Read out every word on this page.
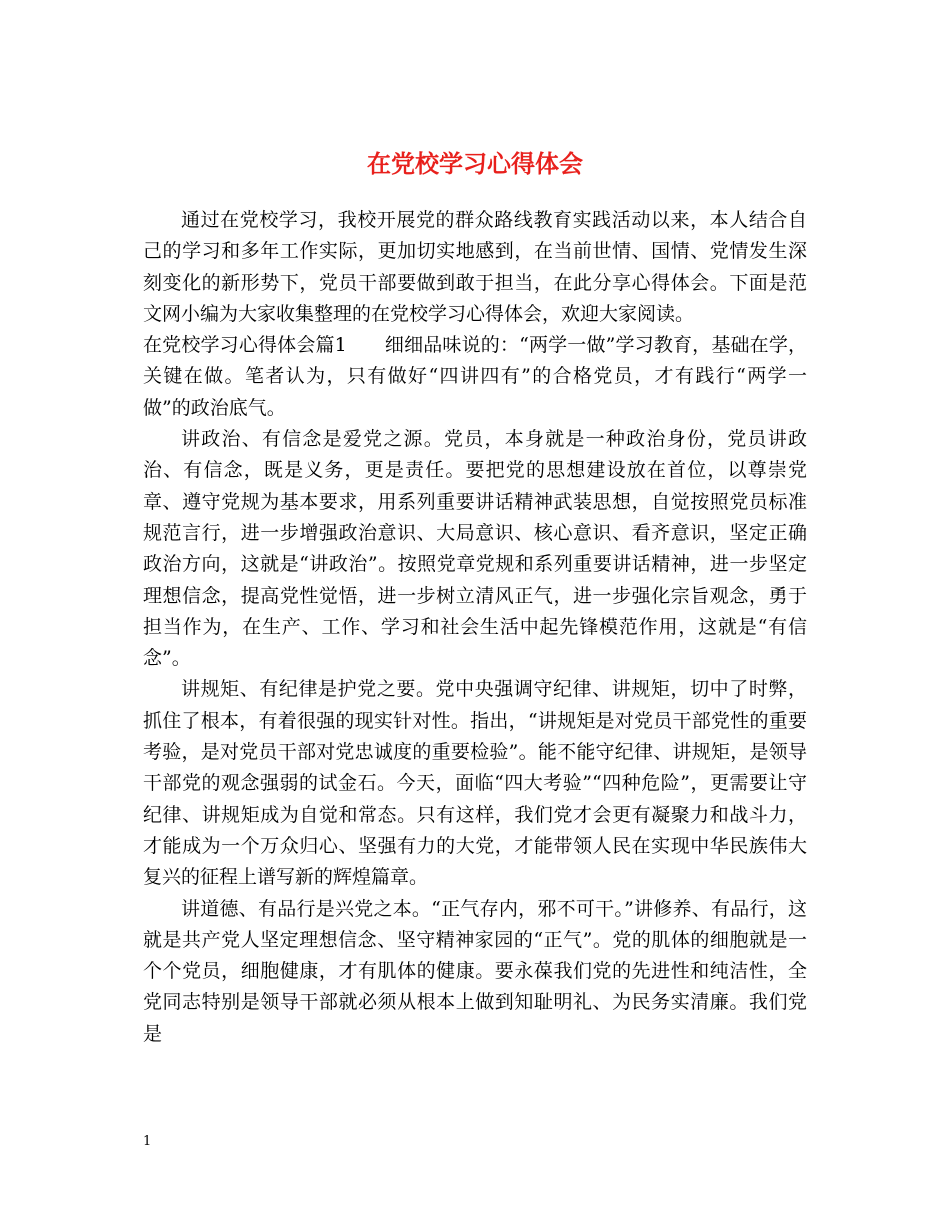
在党校学习心得体会

通过在党校学习，我校开展党的群众路线教育实践活动以来，本人结合自己的学习和多年工作实际，更加切实地感到，在当前世情、国情、党情发生深刻变化的新形势下，党员干部要做到敢于担当，在此分享心得体会。下面是范文网小编为大家收集整理的在党校学习心得体会，欢迎大家阅读。

在党校学习心得体会篇1 细细品味说的：“两学一做”学习教育，基础在学，关键在做。笔者认为，只有做好“四讲四有”的合格党员，才有践行“两学一做”的政治底气。

讲政治、有信念是爱党之源。党员，本身就是一种政治身份，党员讲政治、有信念，既是义务，更是责任。要把党的思想建设放在首位，以尊崇党章、遵守党规为基本要求，用系列重要讲话精神武装思想，自觉按照党员标准规范言行，进一步增强政治意识、大局意识、核心意识、看齐意识，坚定正确政治方向，这就是“讲政治”。按照党章党规和系列重要讲话精神，进一步坚定理想信念，提高党性觉悟，进一步树立清风正气，进一步强化宗旨观念，勇于担当作为，在生产、工作、学习和社会生活中起先锋模范作用，这就是“有信念”。

讲规矩、有纪律是护党之要。党中央强调守纪律、讲规矩，切中了时弊，抓住了根本，有着很强的现实针对性。指出，“讲规矩是对党员干部党性的重要考验，是对党员干部对党忠诚度的重要检验”。能不能守纪律、讲规矩，是领导干部党的观念强弱的试金石。今天，面临“四大考验”“四种危险”，更需要让守纪律、讲规矩成为自觉和常态。只有这样，我们党才会更有凝聚力和战斗力，才能成为一个万众归心、坚强有力的大党，才能带领人民在实现中华民族伟大复兴的征程上谱写新的辉煌篇章。

讲道德、有品行是兴党之本。“正气存内，邪不可干。”讲修养、有品行，这就是共产党人坚定理想信念、坚守精神家园的“正气”。党的肌体的细胞就是一个个党员，细胞健康，才有肌体的健康。要永葆我们党的先进性和纯洁性，全党同志特别是领导干部就必须从根本上做到知耻明礼、为民务实清廉。我们党是

1
